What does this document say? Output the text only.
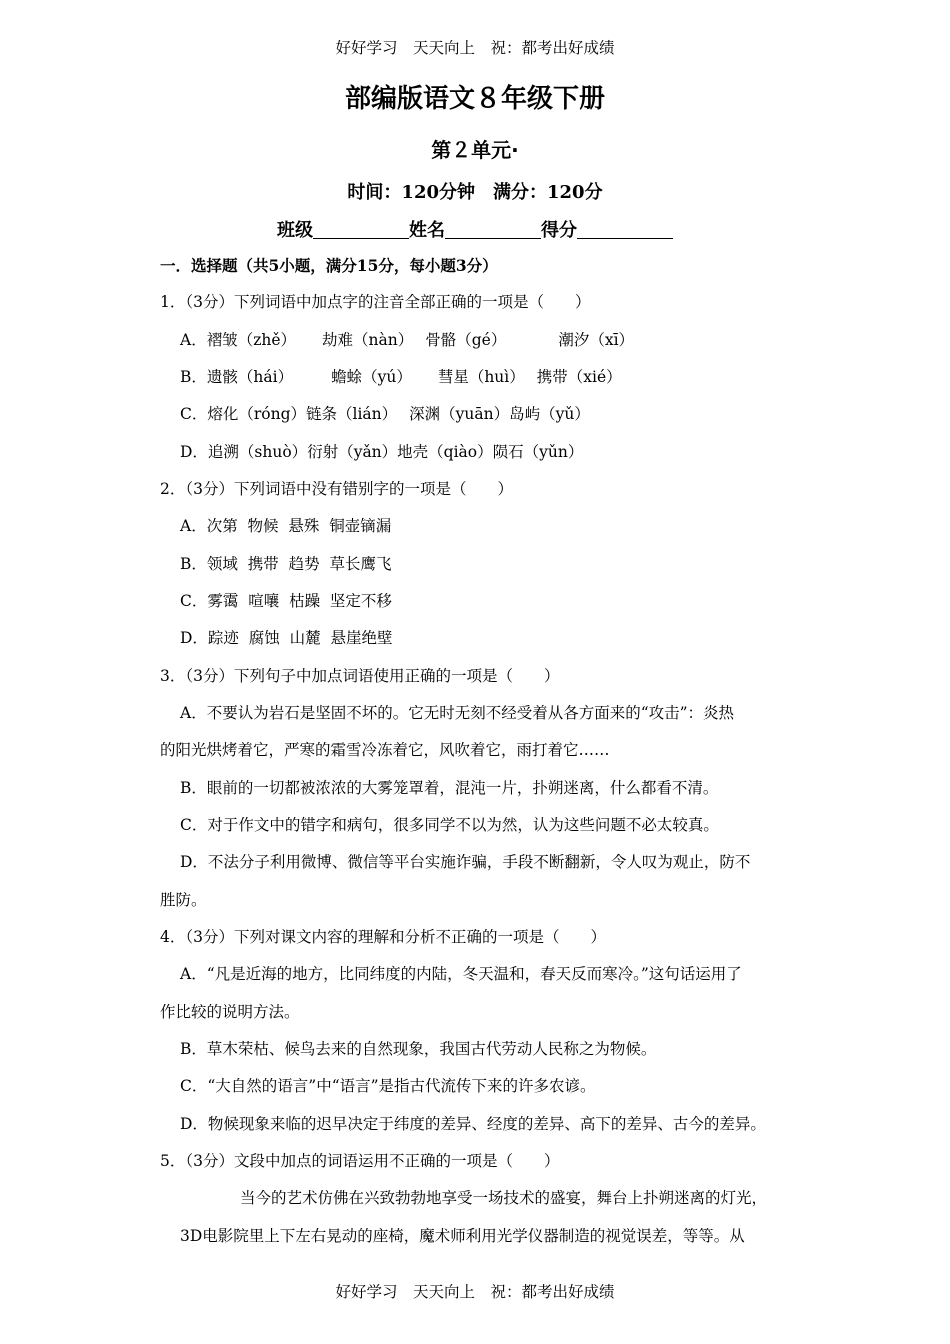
好好学习　天天向上　祝：都考出好成绩
部编版语文８年级下册
第２单元·
时间：120分钟　满分：120分
班级	姓名	得分
一．选择题（共5小题，满分15分，每小题3分）
1．（3分）下列词语中加点字的注音全部正确的一项是（　　）
A．褶皱（zhě） 劫难（nàn） 骨骼（gé）	潮汐（xī）
B．遗骸（hái） 蟾蜍（yú） 彗星（huì） 携带（xié）
C．熔化（róng）链条（lián） 深渊（yuān）岛屿（yǔ）
D．追溯（shuò）衍射（yǎn）地壳（qiào）陨石（yǔn）
2．（3分）下列词语中没有错别字的一项是（　　）
A．次第  物候  悬殊  铜壶镝漏
B．领域  携带  趋势  草长鹰飞
C．雾霭  喧嚷  枯躁  坚定不移
D．踪迹  腐蚀  山麓  悬崖绝壁
3．（3分）下列句子中加点词语使用正确的一项是（　　）
A．不要认为岩石是坚固不坏的。它无时无刻不经受着从各方面来的“攻击”：炎热
的阳光烘烤着它，严寒的霜雪冷冻着它，风吹着它，雨打着它……
B．眼前的一切都被浓浓的大雾笼罩着，混沌一片，扑朔迷离，什么都看不清。
C．对于作文中的错字和病句，很多同学不以为然，认为这些问题不必太较真。
D．不法分子利用微博、微信等平台实施诈骗，手段不断翻新，令人叹为观止，防不
胜防。
4．（3分）下列对课文内容的理解和分析不正确的一项是（　　）
A．“凡是近海的地方，比同纬度的内陆，冬天温和，春天反而寒冷。”这句话运用了
作比较的说明方法。
B．草木荣枯、候鸟去来的自然现象，我国古代劳动人民称之为物候。
C．“大自然的语言”中“语言”是指古代流传下来的许多农谚。
D．物候现象来临的迟早决定于纬度的差异、经度的差异、高下的差异、古今的差异。
5．（3分）文段中加点的词语运用不正确的一项是（　　）
当今的艺术仿佛在兴致勃勃地享受一场技术的盛宴，舞台上扑朔迷离的灯光，
3D电影院里上下左右晃动的座椅，魔术师利用光学仪器制造的视觉误差，等等。从
好好学习　天天向上　祝：都考出好成绩
